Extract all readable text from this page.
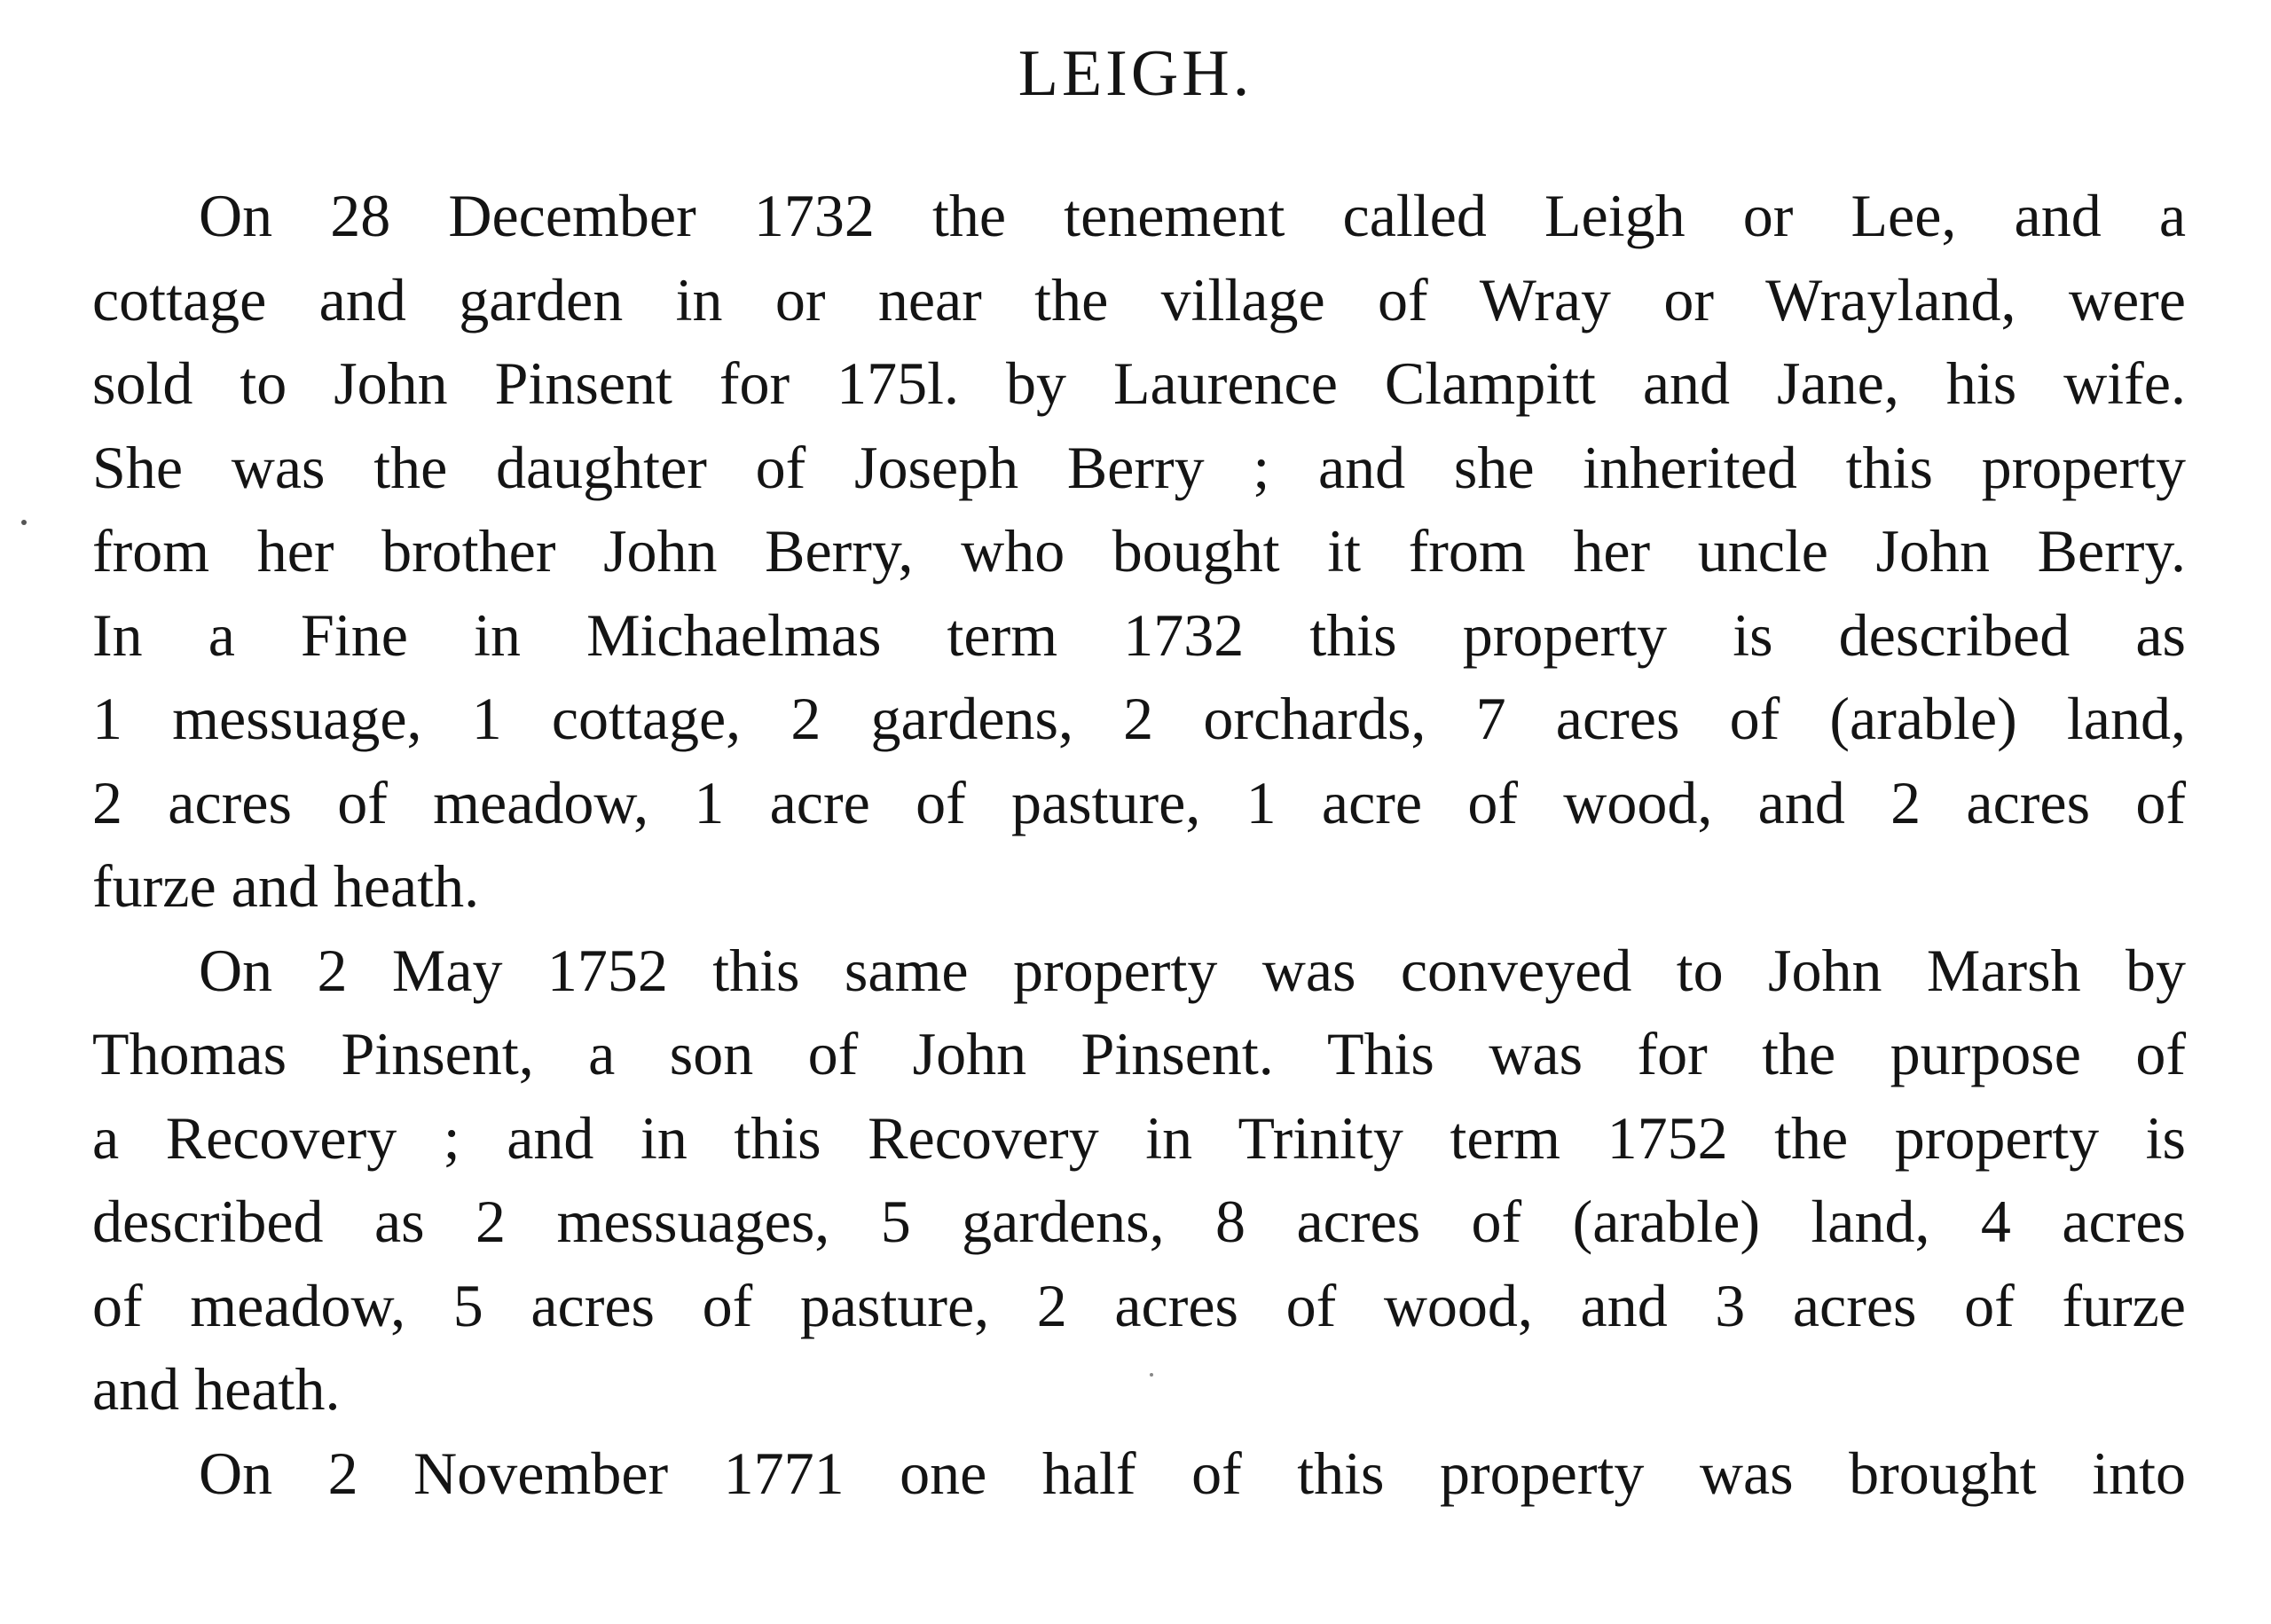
LEIGH.
On 28 December 1732 the tenement called Leigh or Lee, and a
cottage and garden in or near the village of Wray or Wrayland, were
sold to John Pinsent for 175l. by Laurence Clampitt and Jane, his wife.
She was the daughter of Joseph Berry ; and she inherited this property
from her brother John Berry, who bought it from her uncle John Berry.
In a Fine in Michaelmas term 1732 this property is described as
1 messuage, 1 cottage, 2 gardens, 2 orchards, 7 acres of (arable) land,
2 acres of meadow, 1 acre of pasture, 1 acre of wood, and 2 acres of
furze and heath.
On 2 May 1752 this same property was conveyed to John Marsh by
Thomas Pinsent, a son of John Pinsent. This was for the purpose of
a Recovery ; and in this Recovery in Trinity term 1752 the property is
described as 2 messuages, 5 gardens, 8 acres of (arable) land, 4 acres
of meadow, 5 acres of pasture, 2 acres of wood, and 3 acres of furze
and heath.
On 2 November 1771 one half of this property was brought into
